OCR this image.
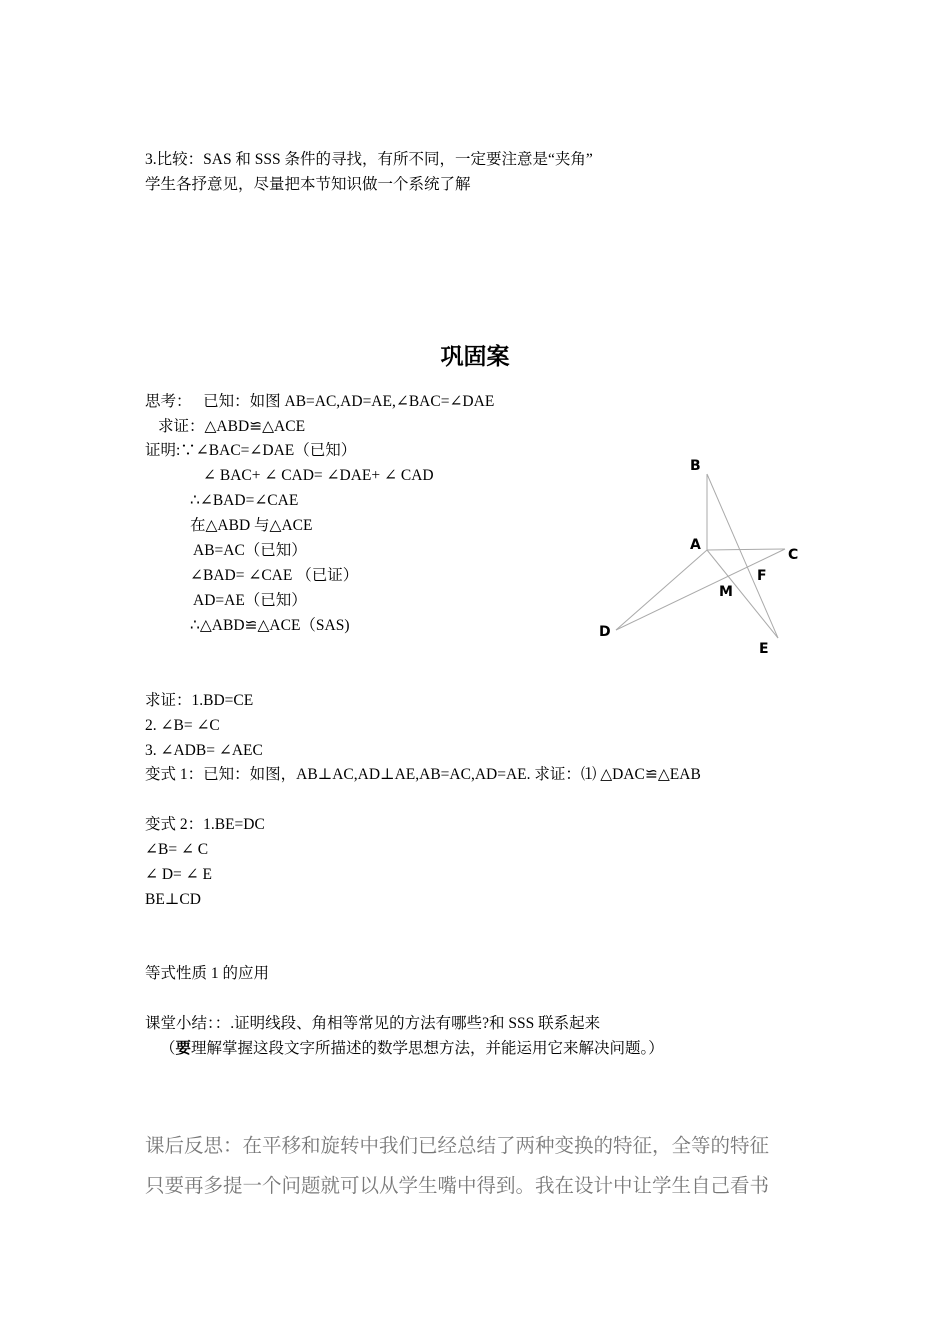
3.比较：SAS 和 SSS 条件的寻找，有所不同，一定要注意是“夹角”
学生各抒意见，尽量把本节知识做一个系统了解
巩固案
思考：　 已知：如图 AB=AC,AD=AE,∠BAC=∠DAE
求证：△ABD≌△ACE
证明:∵∠BAC=∠DAE（已知）
∠ BAC+ ∠ CAD= ∠DAE+ ∠ CAD
∴∠BAD=∠CAE
在△ABD 与△ACE
AB=AC（已知）
∠BAD= ∠CAE （已证）
AD=AE（已知）
∴△ABD≌△ACE（SAS)
B
A
C
F
M
D
E
求证：1.BD=CE
2. ∠B= ∠C
3. ∠ADB= ∠AEC
变式 1：已知：如图，AB⊥AC,AD⊥AE,AB=AC,AD=AE. 求证：⑴ △DAC≌△EAB
变式 2：1.BE=DC
∠B= ∠ C
∠ D= ∠ E
BE⊥CD
等式性质 1 的应用
课堂小结：：.证明线段、角相等常见的方法有哪些?和 SSS 联系起来
（要理解掌握这段文字所描述的数学思想方法，并能运用它来解决问题。）
课后反思：在平移和旋转中我们已经总结了两种变换的特征，全等的特征
只要再多提一个问题就可以从学生嘴中得到。我在设计中让学生自己看书
